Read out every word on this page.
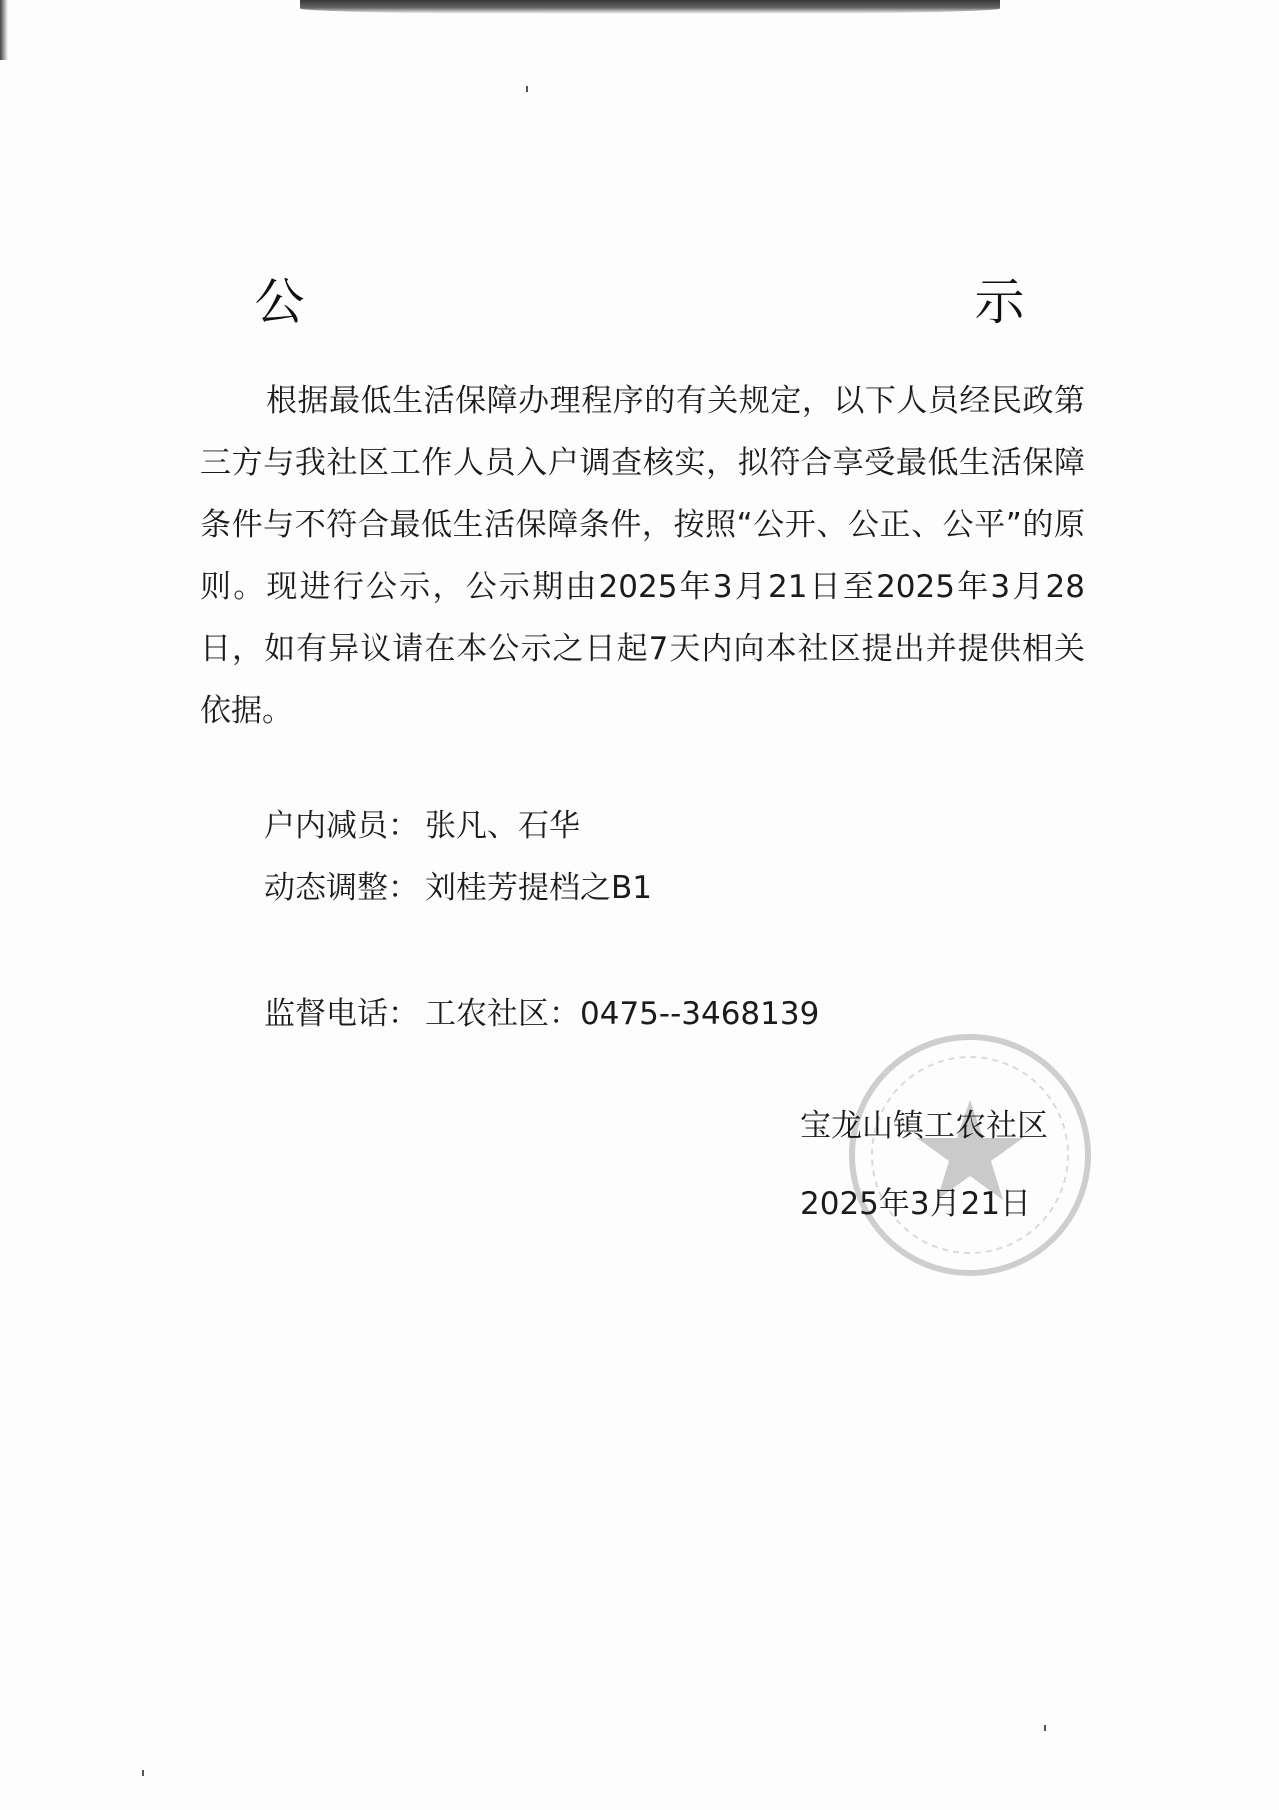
公　　示
根据最低生活保障办理程序的有关规定，以下人员经民政第三方与我社区工作人员入户调查核实，拟符合享受最低生活保障条件与不符合最低生活保障条件，按照“公开、公正、公平”的原则。现进行公示，公示期由2025年3月21日至2025年3月28日，如有异议请在本公示之日起7天内向本社区提出并提供相关依据。
户内减员： 张凡、石华
动态调整： 刘桂芳提档之B1
监督电话： 工农社区：0475--3468139
宝龙山镇工农社区
2025年3月21日
